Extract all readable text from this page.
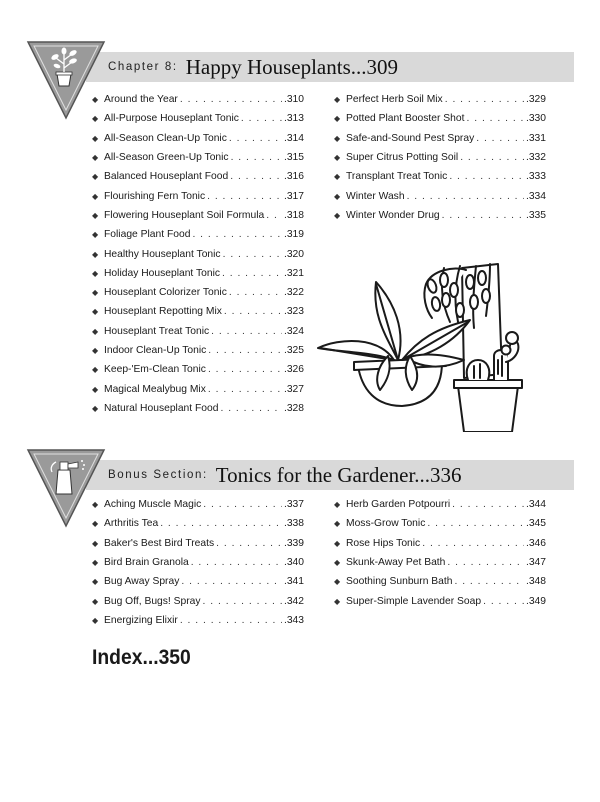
Chapter 8: Happy Houseplants...309
◆ Around the Year . . .	.310
◆ All-Purpose Houseplant Tonic . . .	.313
◆ All-Season Clean-Up Tonic . . .	.314
◆ All-Season Green-Up Tonic . . .	.315
◆ Balanced Houseplant Food . . .	.316
◆ Flourishing Fern Tonic . . .	.317
◆ Flowering Houseplant Soil Formula . . . .318
◆ Foliage Plant Food . . .	.319
◆ Healthy Houseplant Tonic . . .	.320
◆ Holiday Houseplant Tonic . . .	.321
◆ Houseplant Colorizer Tonic . . .	.322
◆ Houseplant Repotting Mix . . .	.323
◆ Houseplant Treat Tonic . . .	.324
◆ Indoor Clean-Up Tonic . . .	.325
◆ Keep-'Em-Clean Tonic . . .	.326
◆ Magical Mealybug Mix . . .	.327
◆ Natural Houseplant Food . . .	.328
◆ Perfect Herb Soil Mix . . .	.329
◆ Potted Plant Booster Shot . . .	.330
◆ Safe-and-Sound Pest Spray . . .	.331
◆ Super Citrus Potting Soil . . .	.332
◆ Transplant Treat Tonic . . .	.333
◆ Winter Wash . . .	.334
◆ Winter Wonder Drug . . .	.335
Bonus Section: Tonics for the Gardener...336
◆ Aching Muscle Magic . . .	.337
◆ Arthritis Tea . . .	.338
◆ Baker's Best Bird Treats . . .	.339
◆ Bird Brain Granola . . .	.340
◆ Bug Away Spray . . .	.341
◆ Bug Off, Bugs! Spray . . .	.342
◆ Energizing Elixir . . .	.343
◆ Herb Garden Potpourri . . .	.344
◆ Moss-Grow Tonic . . .	.345
◆ Rose Hips Tonic . . .	.346
◆ Skunk-Away Pet Bath . . .	.347
◆ Soothing Sunburn Bath . . .	.348
◆ Super-Simple Lavender Soap . . .	.349
Index...350
